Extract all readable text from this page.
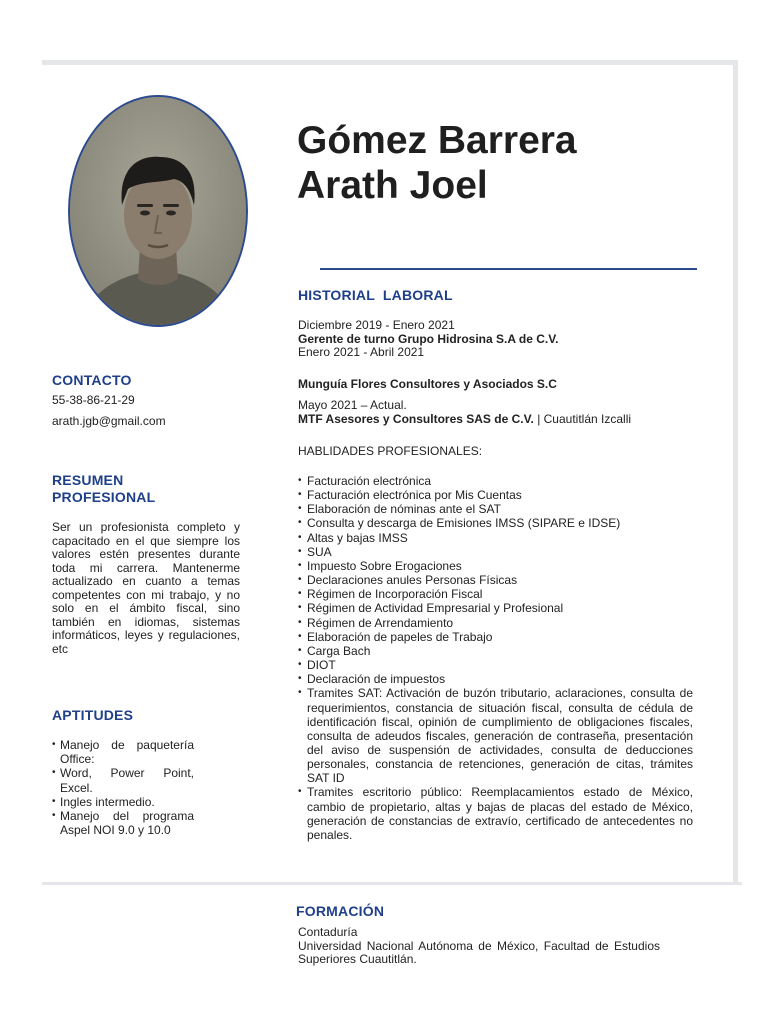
Gómez Barrera
Arath Joel
CONTACTO
55-38-86-21-29
arath.jgb@gmail.com
RESUMEN
PROFESIONAL
Ser un profesionista completo y capacitado en el que siempre los valores estén presentes durante toda mi carrera. Mantenerme actualizado en cuanto a temas competentes con mi trabajo, y no solo en el ámbito fiscal, sino también en idiomas, sistemas informáticos, leyes y regulaciones, etc
APTITUDES
• Manejo de paquetería Office:
• Word, Power Point, Excel.
• Ingles intermedio.
• Manejo del programa Aspel NOI 9.0 y 10.0
HISTORIAL  LABORAL
Diciembre 2019 - Enero 2021
Gerente de turno Grupo Hidrosina S.A de C.V.
Enero 2021 - Abril 2021
Munguía Flores Consultores y Asociados S.C
Mayo 2021 – Actual.
MTF Asesores y Consultores SAS de C.V. | Cuautitlán Izcalli
HABLIDADES PROFESIONALES:
• Facturación electrónica
• Facturación electrónica por Mis Cuentas
• Elaboración de nóminas ante el SAT
• Consulta y descarga de Emisiones IMSS (SIPARE e IDSE)
• Altas y bajas IMSS
• SUA
• Impuesto Sobre Erogaciones
• Declaraciones anules Personas Físicas
• Régimen de Incorporación Fiscal
• Régimen de Actividad Empresarial y Profesional
• Régimen de Arrendamiento
• Elaboración de papeles de Trabajo
• Carga Bach
• DIOT
• Declaración de impuestos
• Tramites SAT: Activación de buzón tributario, aclaraciones, consulta de requerimientos, constancia de situación fiscal, consulta de cédula de identificación fiscal, opinión de cumplimiento de obligaciones fiscales, consulta de adeudos fiscales, generación de contraseña, presentación del aviso de suspensión de actividades, consulta de deducciones personales, constancia de retenciones, generación de citas, trámites SAT ID
• Tramites escritorio público: Reemplacamientos estado de México, cambio de propietario, altas y bajas de placas del estado de México, generación de constancias de extravío, certificado de antecedentes no penales.
FORMACIÓN
Contaduría
Universidad Nacional Autónoma de México, Facultad de Estudios Superiores Cuautitlán.
